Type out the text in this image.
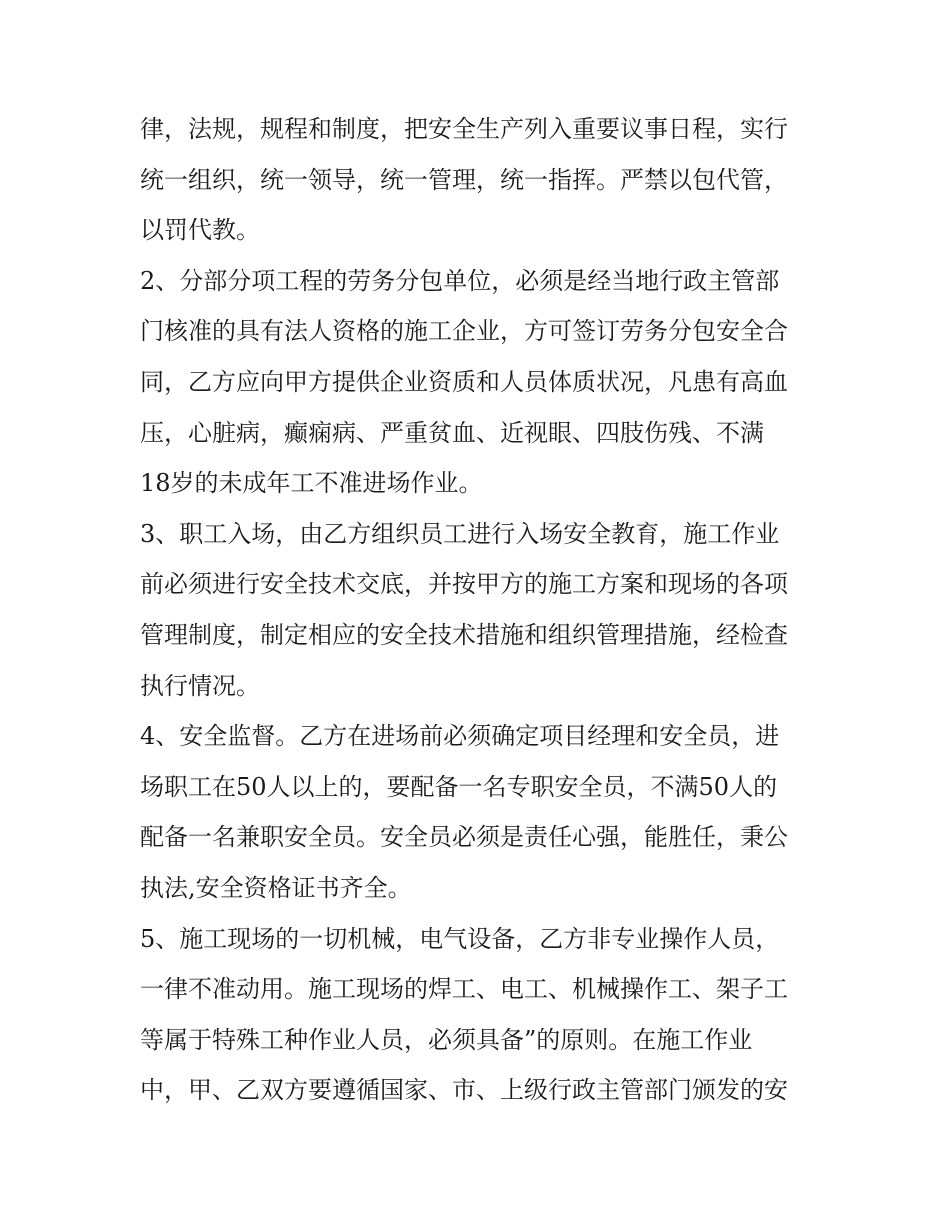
律，法规，规程和制度，把安全生产列入重要议事日程，实行
统一组织，统一领导，统一管理，统一指挥。严禁以包代管，
以罚代教。
2、分部分项工程的劳务分包单位，必须是经当地行政主管部
门核准的具有法人资格的施工企业，方可签订劳务分包安全合
同，乙方应向甲方提供企业资质和人员体质状况，凡患有高血
压，心脏病，癫痫病、严重贫血、近视眼、四肢伤残、不满
18岁的未成年工不准进场作业。
3、职工入场，由乙方组织员工进行入场安全教育，施工作业
前必须进行安全技术交底，并按甲方的施工方案和现场的各项
管理制度，制定相应的安全技术措施和组织管理措施，经检查
执行情况。
4、安全监督。乙方在进场前必须确定项目经理和安全员，进
场职工在50人以上的，要配备一名专职安全员，不满50人的
配备一名兼职安全员。安全员必须是责任心强，能胜任，秉公
执法,安全资格证书齐全。
5、施工现场的一切机械，电气设备，乙方非专业操作人员，
一律不准动用。施工现场的焊工、电工、机械操作工、架子工
等属于特殊工种作业人员，必须具备”的原则。在施工作业
中，甲、乙双方要遵循国家、市、上级行政主管部门颁发的安
